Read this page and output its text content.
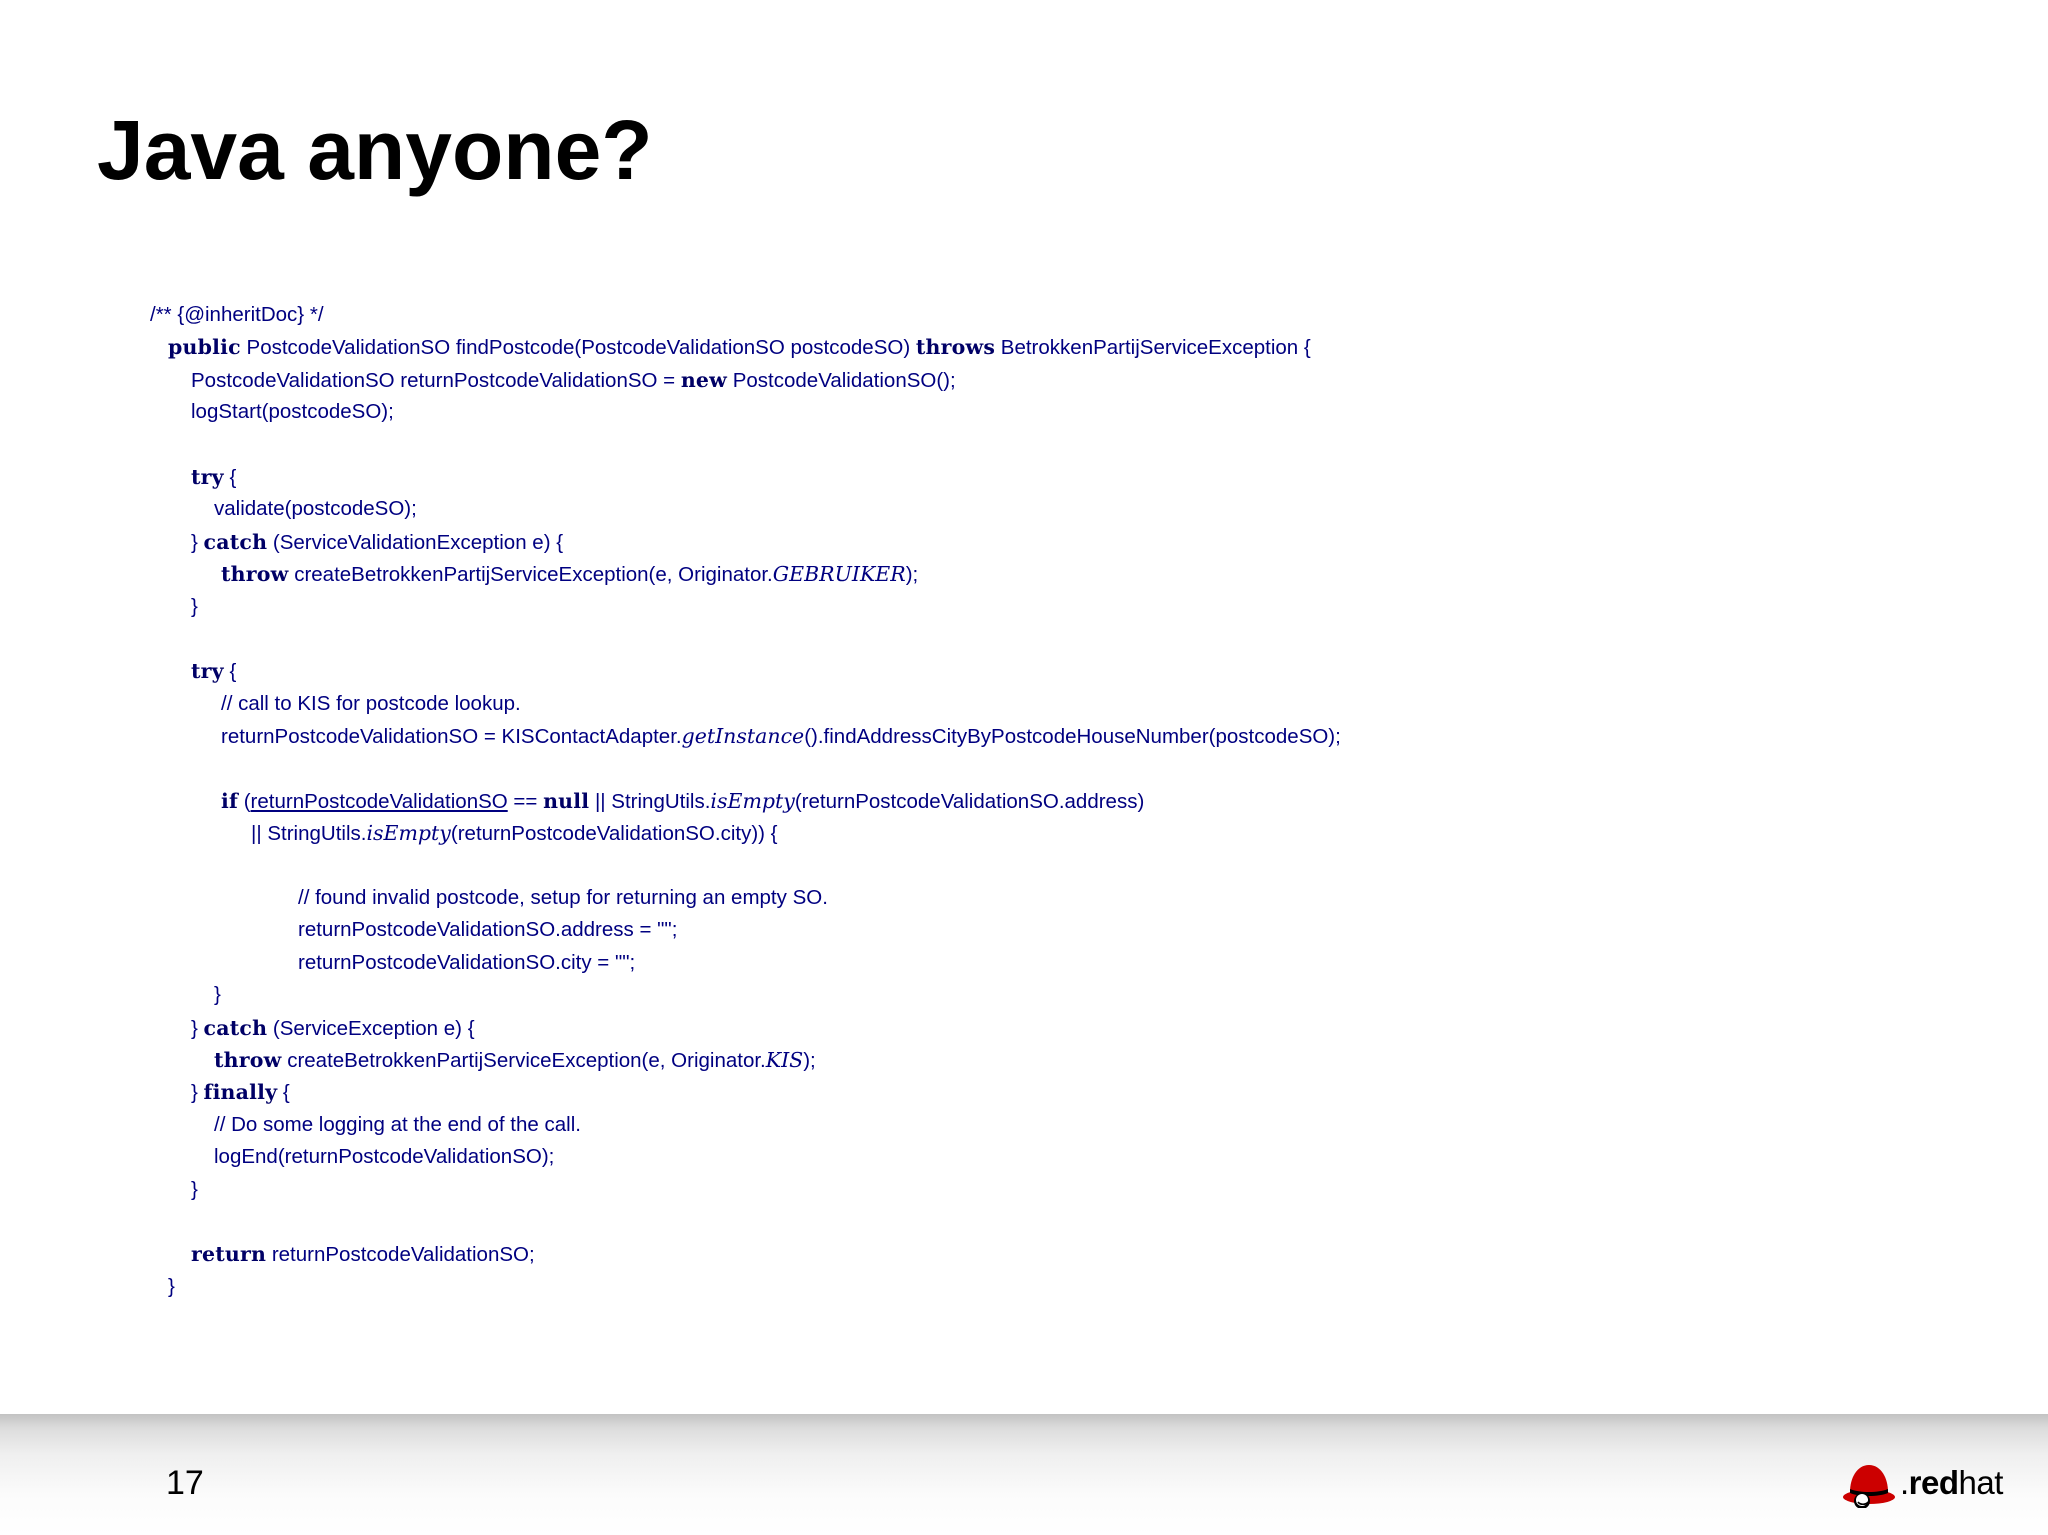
Java anyone?
/** {@inheritDoc} */
public PostcodeValidationSO findPostcode(PostcodeValidationSO postcodeSO) throws BetrokkenPartijServiceException {
PostcodeValidationSO returnPostcodeValidationSO = new PostcodeValidationSO();
logStart(postcodeSO);
try {
validate(postcodeSO);
} catch (ServiceValidationException e) {
throw createBetrokkenPartijServiceException(e, Originator.GEBRUIKER);
}
try {
// call to KIS for postcode lookup.
returnPostcodeValidationSO = KISContactAdapter.getInstance().findAddressCityByPostcodeHouseNumber(postcodeSO);
if (returnPostcodeValidationSO == null || StringUtils.isEmpty(returnPostcodeValidationSO.address)
|| StringUtils.isEmpty(returnPostcodeValidationSO.city)) {
// found invalid postcode, setup for returning an empty SO.
returnPostcodeValidationSO.address = "";
returnPostcodeValidationSO.city = "";
}
} catch (ServiceException e) {
throw createBetrokkenPartijServiceException(e, Originator.KIS);
} finally {
// Do some logging at the end of the call.
logEnd(returnPostcodeValidationSO);
}
return returnPostcodeValidationSO;
}
17	.redhat
